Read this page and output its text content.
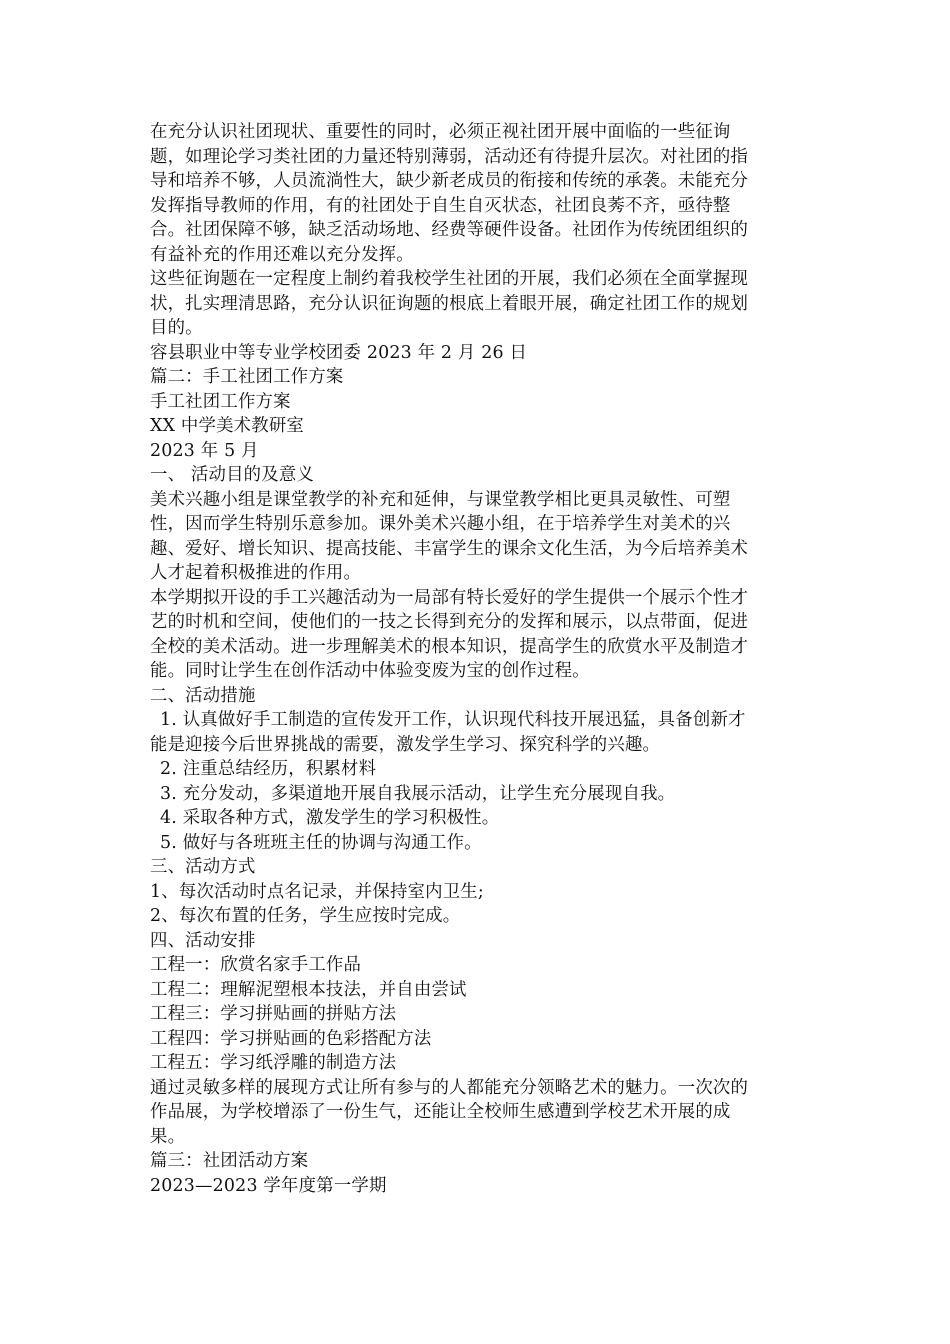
在充分认识社团现状、重要性的同时，必须正视社团开展中面临的一些征询
题，如理论学习类社团的力量还特别薄弱，活动还有待提升层次。对社团的指
导和培养不够，人员流淌性大，缺少新老成员的衔接和传统的承袭。未能充分
发挥指导教师的作用，有的社团处于自生自灭状态，社团良莠不齐，亟待整
合。社团保障不够，缺乏活动场地、经费等硬件设备。社团作为传统团组织的
有益补充的作用还难以充分发挥。
这些征询题在一定程度上制约着我校学生社团的开展，我们必须在全面掌握现
状，扎实理清思路，充分认识征询题的根底上着眼开展，确定社团工作的规划
目的。
容县职业中等专业学校团委 2023 年 2 月 26 日
篇二：手工社团工作方案
手工社团工作方案
XX 中学美术教研室
2023 年 5 月
一、 活动目的及意义
美术兴趣小组是课堂教学的补充和延伸，与课堂教学相比更具灵敏性、可塑
性，因而学生特别乐意参加。课外美术兴趣小组，在于培养学生对美术的兴
趣、爱好、增长知识、提高技能、丰富学生的课余文化生活，为今后培养美术
人才起着积极推进的作用。
本学期拟开设的手工兴趣活动为一局部有特长爱好的学生提供一个展示个性才
艺的时机和空间，使他们的一技之长得到充分的发挥和展示，以点带面，促进
全校的美术活动。进一步理解美术的根本知识，提高学生的欣赏水平及制造才
能。同时让学生在创作活动中体验变废为宝的创作过程。
二、活动措施
1. 认真做好手工制造的宣传发开工作，认识现代科技开展迅猛，具备创新才
能是迎接今后世界挑战的需要，激发学生学习、探究科学的兴趣。
2. 注重总结经历，积累材料
3. 充分发动，多渠道地开展自我展示活动，让学生充分展现自我。
4. 采取各种方式，激发学生的学习积极性。
5. 做好与各班班主任的协调与沟通工作。
三、活动方式
1、每次活动时点名记录，并保持室内卫生;
2、每次布置的任务，学生应按时完成。
四、活动安排
工程一：欣赏名家手工作品
工程二：理解泥塑根本技法，并自由尝试
工程三：学习拼贴画的拼贴方法
工程四：学习拼贴画的色彩搭配方法
工程五：学习纸浮雕的制造方法
通过灵敏多样的展现方式让所有参与的人都能充分领略艺术的魅力。一次次的
作品展，为学校增添了一份生气，还能让全校师生感遭到学校艺术开展的成
果。
篇三：社团活动方案
2023—2023 学年度第一学期
